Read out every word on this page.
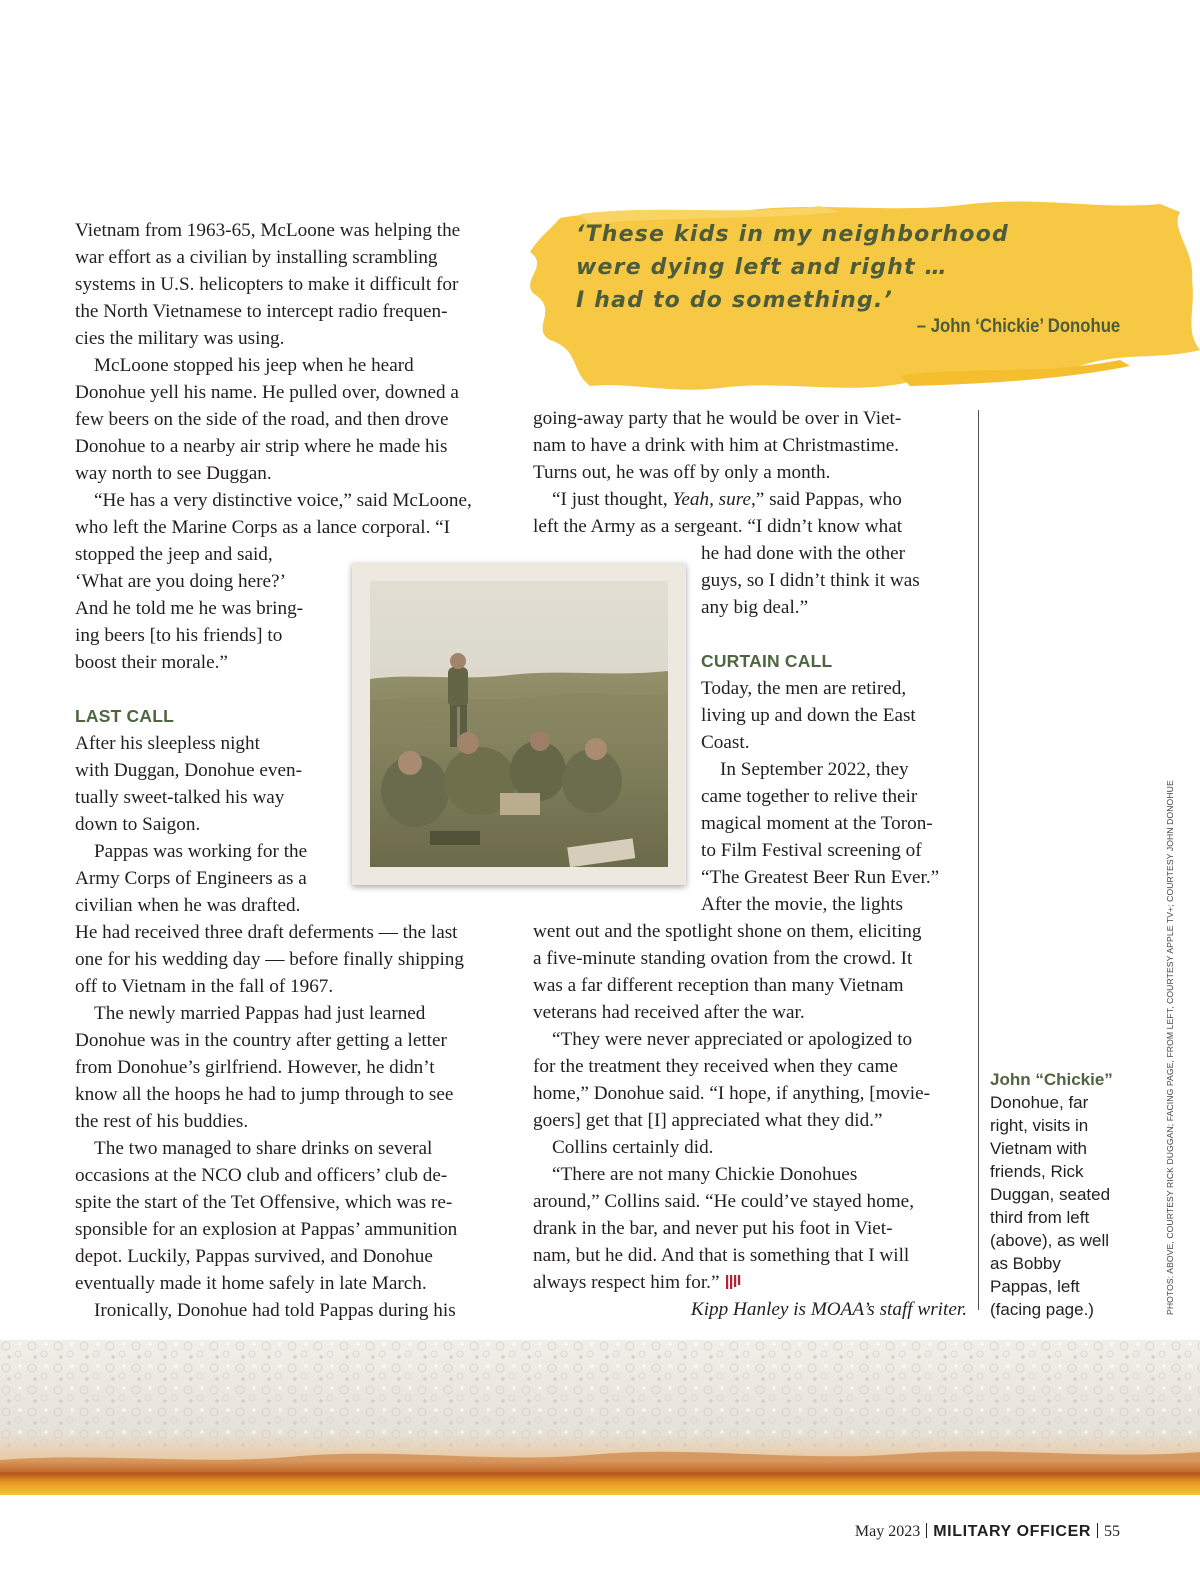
‘These kids in my neighborhood
were dying left and right …
I had to do something.’
– John ‘Chickie’ Donohue

Vietnam from 1963-65, McLoone was helping the
war effort as a civilian by installing scrambling
systems in U.S. helicopters to make it difficult for
the North Vietnamese to intercept radio frequen-
cies the military was using.

McLoone stopped his jeep when he heard
Donohue yell his name. He pulled over, downed a
few beers on the side of the road, and then drove
Donohue to a nearby air strip where he made his
way north to see Duggan.

“He has a very distinctive voice,” said McLoone,
who left the Marine Corps as a lance corporal. “I
stopped the jeep and said,
‘What are you doing here?’
And he told me he was bring-
ing beers [to his friends] to
boost their morale.”

LAST CALL

After his sleepless night
with Duggan, Donohue even-
tually sweet-talked his way
down to Saigon.

Pappas was working for the
Army Corps of Engineers as a
civilian when he was drafted.
He had received three draft deferments — the last
one for his wedding day — before finally shipping
off to Vietnam in the fall of 1967.

The newly married Pappas had just learned
Donohue was in the country after getting a letter
from Donohue’s girlfriend. However, he didn’t
know all the hoops he had to jump through to see
the rest of his buddies.

The two managed to share drinks on several
occasions at the NCO club and officers’ club de-
spite the start of the Tet Offensive, which was re-
sponsible for an explosion at Pappas’ ammunition
depot. Luckily, Pappas survived, and Donohue
eventually made it home safely in late March.

Ironically, Donohue had told Pappas during his

going-away party that he would be over in Viet-
nam to have a drink with him at Christmastime.
Turns out, he was off by only a month.

“I just thought, Yeah, sure,” said Pappas, who
left the Army as a sergeant. “I didn’t know what
he had done with the other
guys, so I didn’t think it was
any big deal.”

CURTAIN CALL

Today, the men are retired,
living up and down the East
Coast.

In September 2022, they
came together to relive their
magical moment at the Toron-
to Film Festival screening of
“The Greatest Beer Run Ever.”
After the movie, the lights
went out and the spotlight shone on them, eliciting
a five-minute standing ovation from the crowd. It
was a far different reception than many Vietnam
veterans had received after the war.

“They were never appreciated or apologized to
for the treatment they received when they came
home,” Donohue said. “I hope, if anything, [movie-
goers] get that [I] appreciated what they did.”

Collins certainly did.

“There are not many Chickie Donohues
around,” Collins said. “He could’ve stayed home,
drank in the bar, and never put his foot in Viet-
nam, but he did. And that is something that I will
always respect him for.”

Kipp Hanley is MOAA’s staff writer.

John “Chickie” Donohue, far right, visits in Vietnam with friends, Rick Duggan, seated third from left (above), as well as Bobby Pappas, left (facing page.)	PHOTOS: ABOVE, COURTESY RICK DUGGAN; FACING PAGE, FROM LEFT, COURTESY APPLE TV+; COURTESY JOHN DONOHUE
May 2023 MILITARY OFFICER 55
